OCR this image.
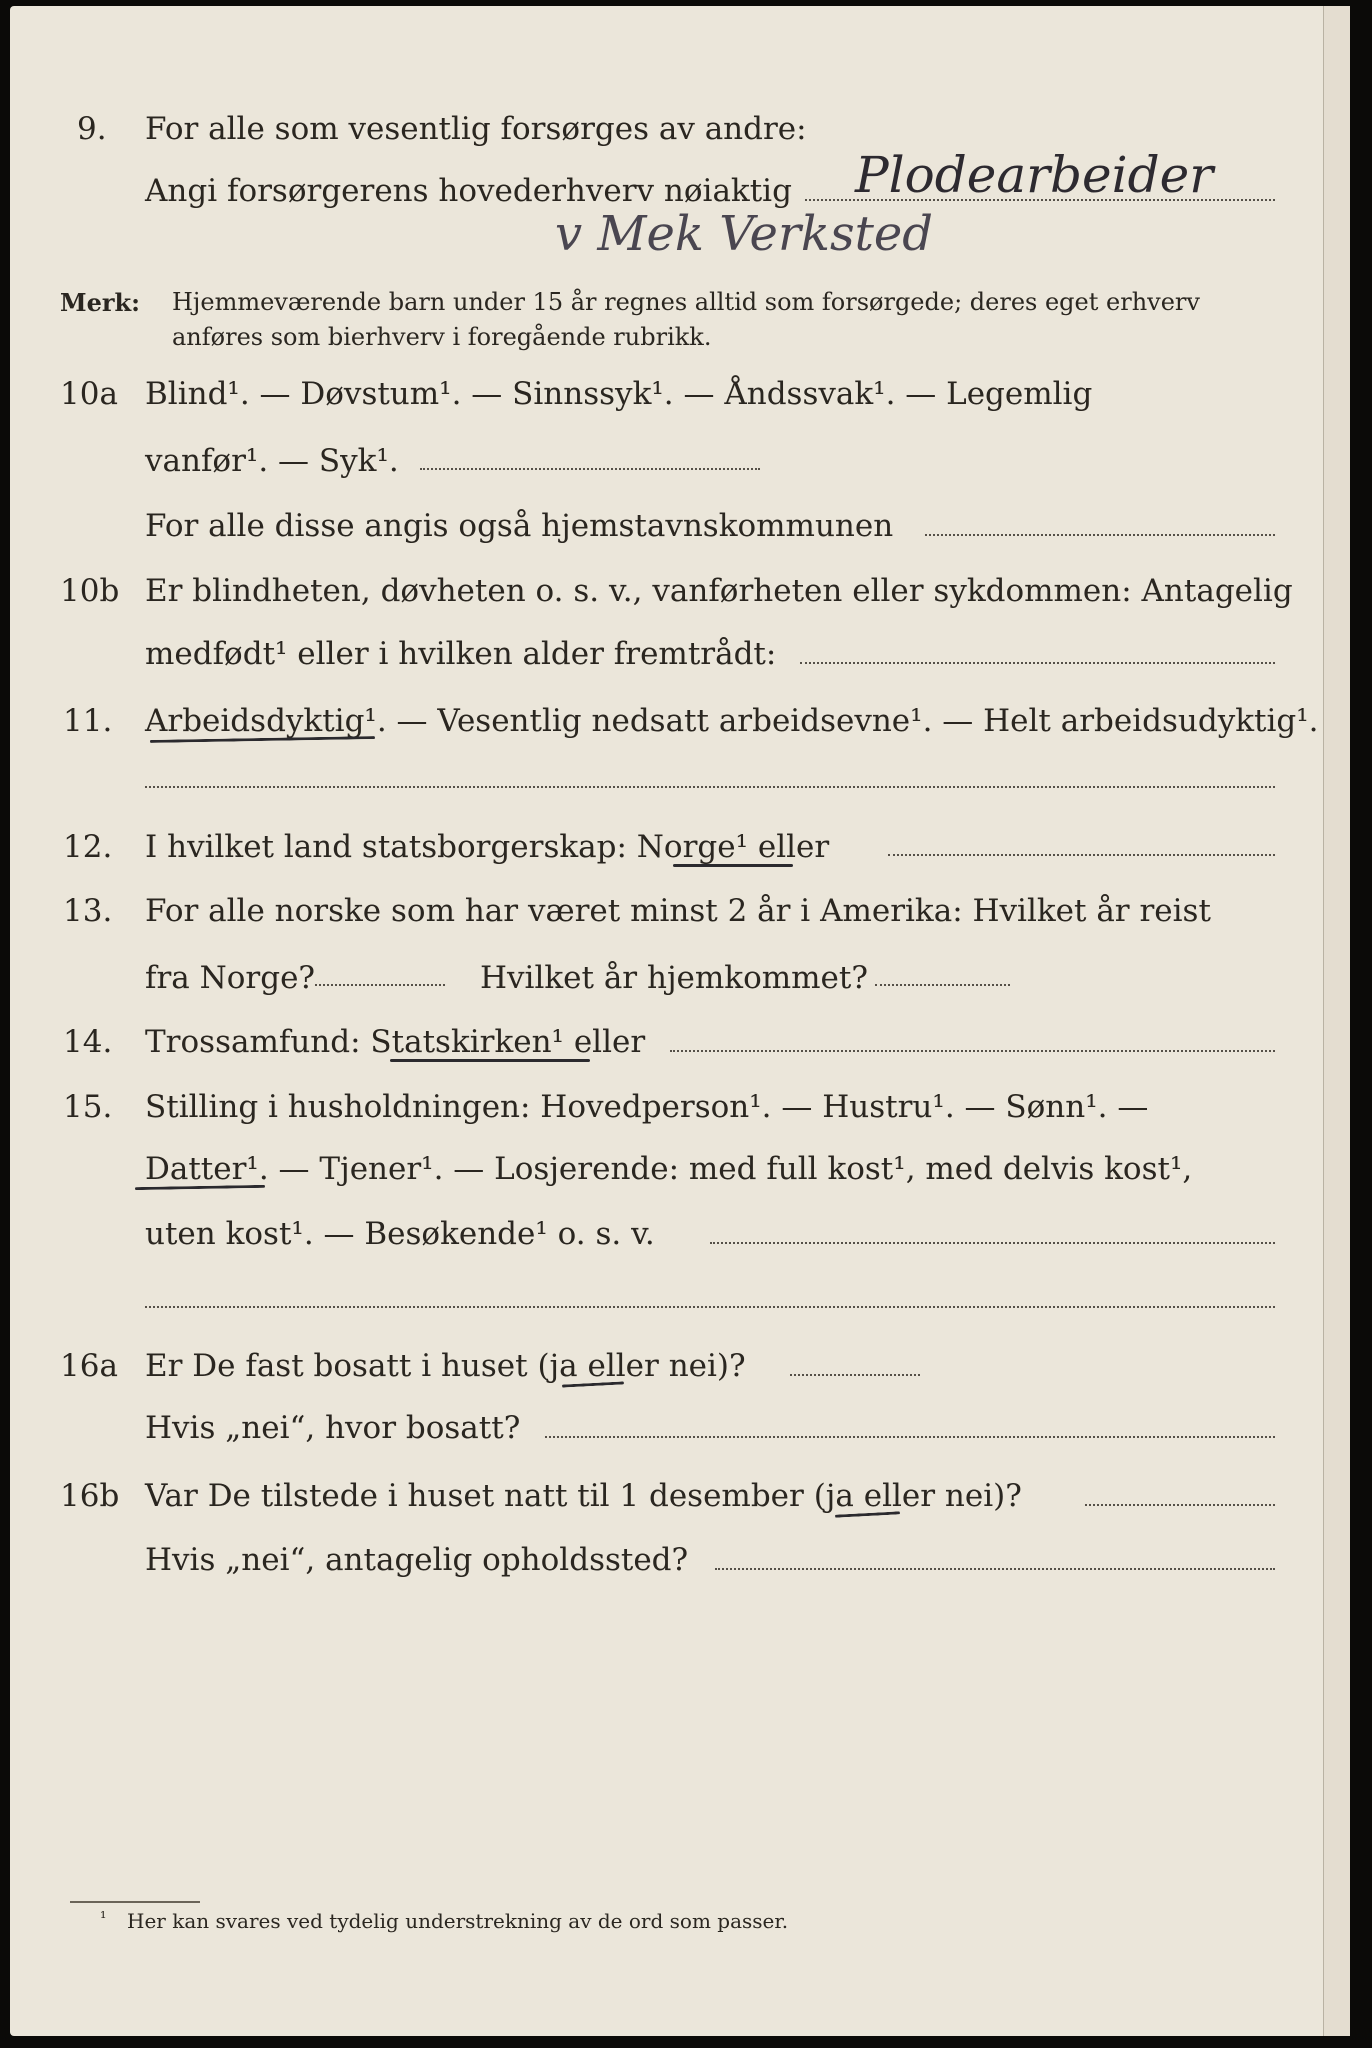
9. For alle som vesentlig forsørges av andre:
Angi forsørgerens hovederhverv nøiaktig Plodearbeider
v Mek Verksted
Merk: Hjemmeværende barn under 15 år regnes alltid som forsørgede; deres eget erhverv
anføres som bierhverv i foregående rubrikk.
10a Blind¹. — Døvstum¹. — Sinnssyk¹. — Åndssvak¹. — Legemlig
vanfør¹. — Syk¹.
For alle disse angis også hjemstavnskommunen
10b Er blindheten, døvheten o. s. v., vanførheten eller sykdommen: Antagelig
medfødt¹ eller i hvilken alder fremtrådt:
11. Arbeidsdyktig¹. — Vesentlig nedsatt arbeidsevne¹. — Helt arbeidsudyktig¹.
12. I hvilket land statsborgerskap: Norge¹ eller
13. For alle norske som har været minst 2 år i Amerika: Hvilket år reist
fra Norge?	Hvilket år hjemkommet?
14. Trossamfund: Statskirken¹ eller
15. Stilling i husholdningen: Hovedperson¹. — Hustru¹. — Sønn¹. —
Datter¹. — Tjener¹. — Losjerende: med full kost¹, med delvis kost¹,
uten kost¹. — Besøkende¹ o. s. v.
16a Er De fast bosatt i huset (ja eller nei)?
Hvis „nei“, hvor bosatt?
16b Var De tilstede i huset natt til 1 desember (ja eller nei)?
Hvis „nei“, antagelig opholdssted?
¹ Her kan svares ved tydelig understrekning av de ord som passer.
